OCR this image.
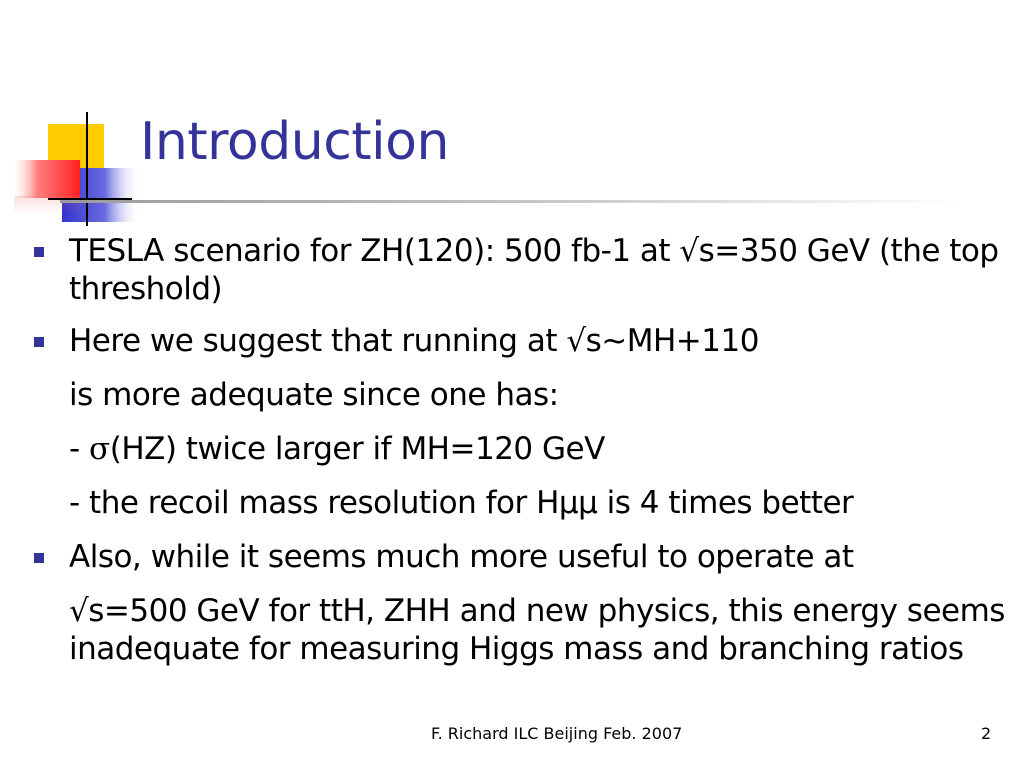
Introduction
TESLA scenario for ZH(120): 500 fb-1 at √s=350 GeV (the top threshold)
Here we suggest that running at √s~MH+110
is more adequate since one has:
- σ(HZ) twice larger if MH=120 GeV
- the recoil mass resolution for Hμμ is 4 times better
Also, while it seems much more useful to operate at
√s=500 GeV for ttH, ZHH and new physics, this energy seems inadequate for measuring Higgs mass and branching ratios
F. Richard ILC Beijing Feb. 2007	2
